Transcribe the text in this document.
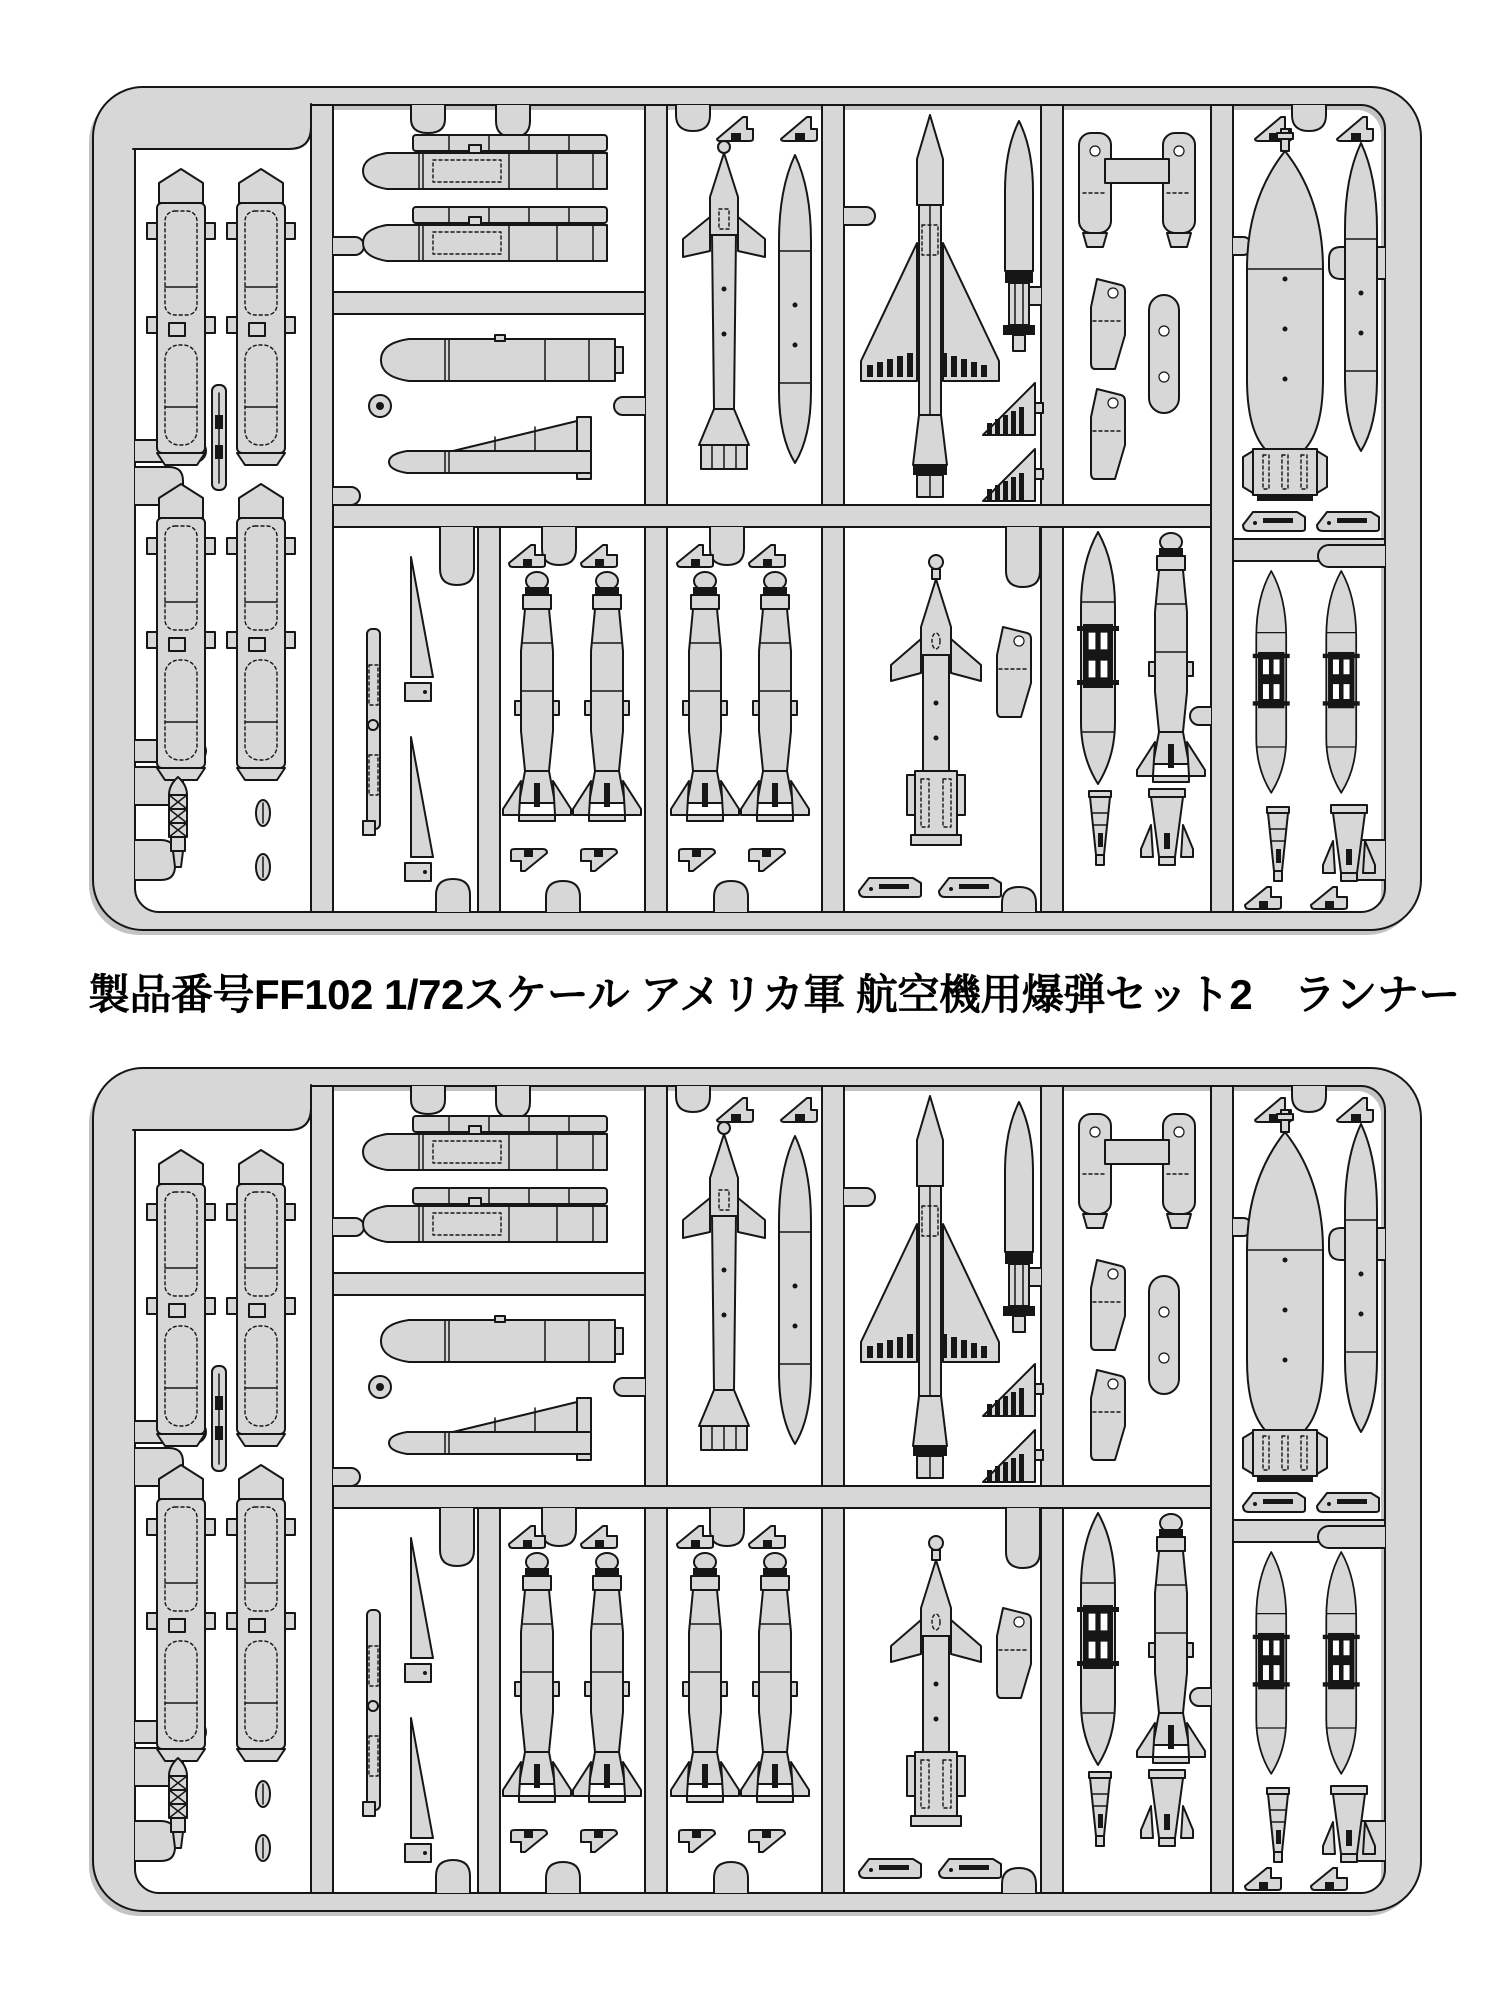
製品番号FF102 1/72スケール アメリカ軍 航空機用爆弾セット2　ランナー
